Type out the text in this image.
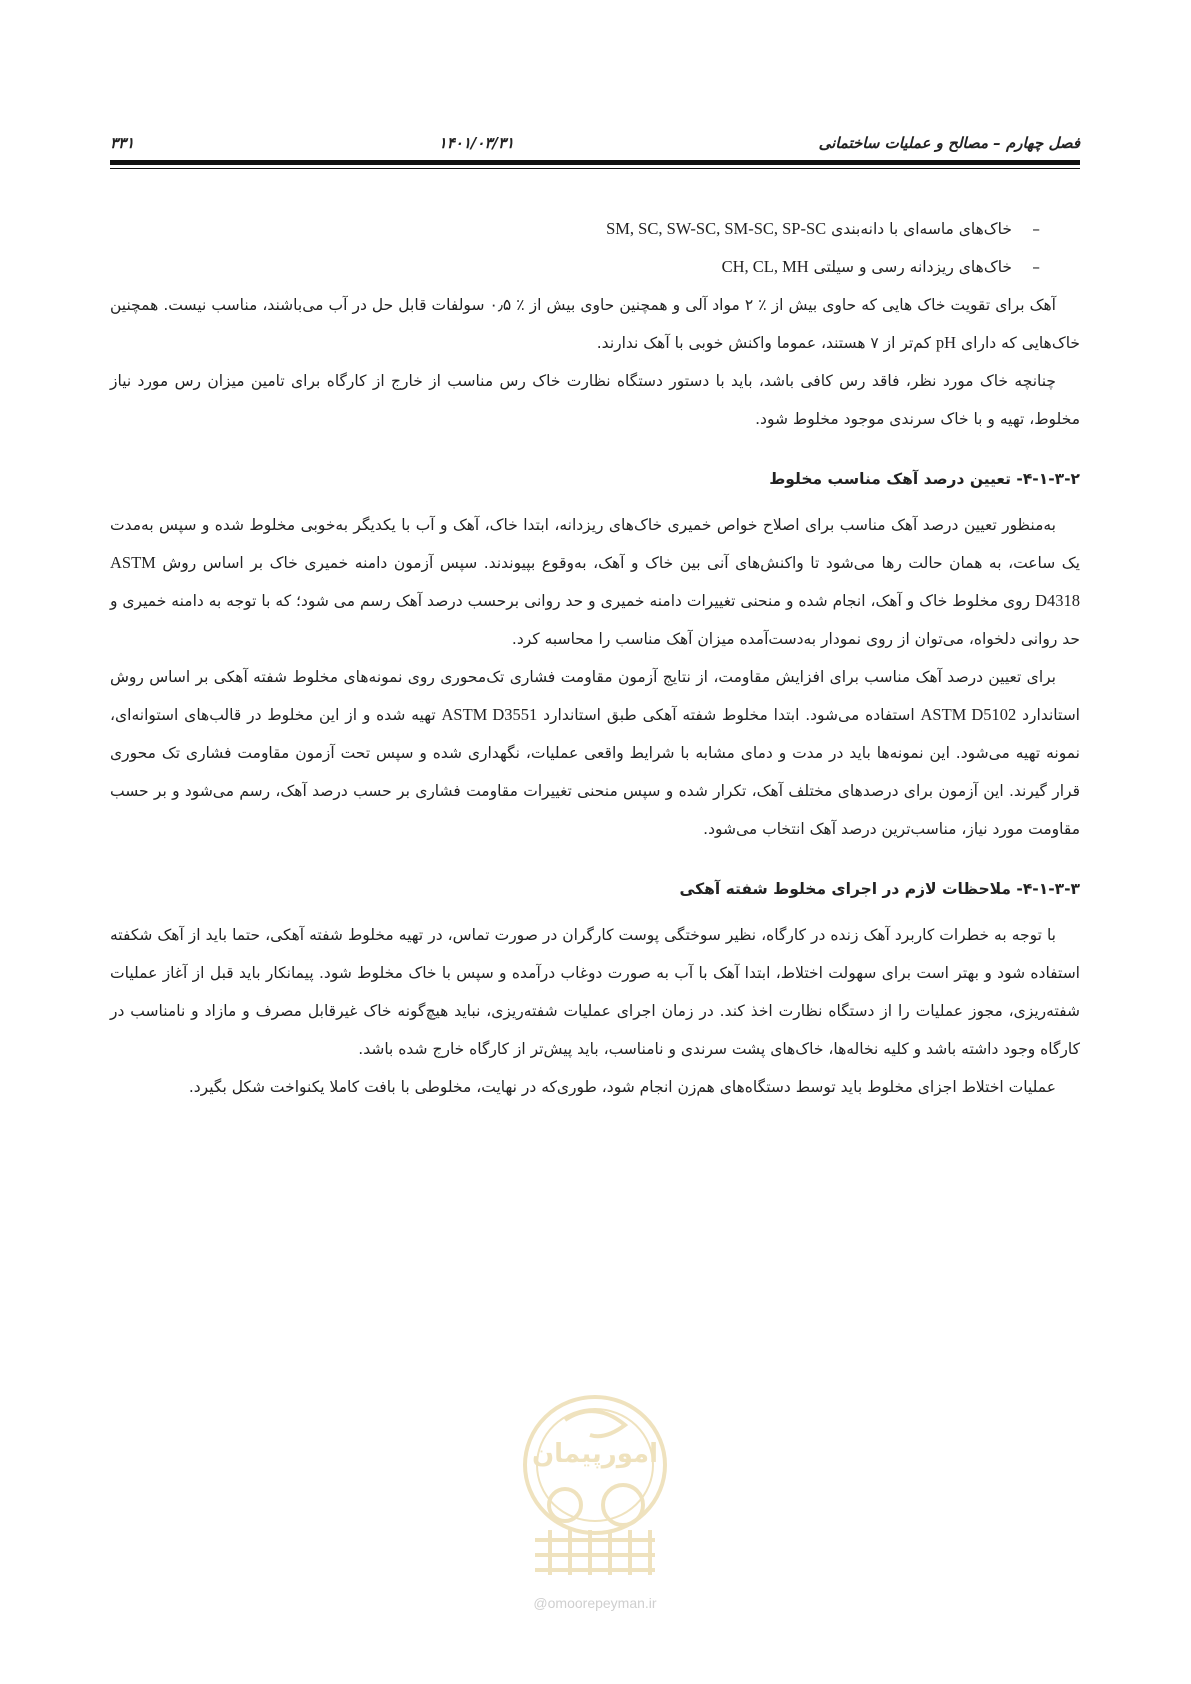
فصل چهارم – مصالح و عملیات ساختمانی
۱۴۰۱/۰۳/۳۱
۳۳۱
–
خاک‌های ماسه‌ای با دانه‌بندی SM, SC, SW-SC, SM-SC, SP-SC
–
خاک‌های ریزدانه رسی و سیلتی CH, CL, MH

آهک برای تقویت خاک هایی که حاوی بیش از ٪ ۲ مواد آلی و همچنین حاوی بیش از ٪ ۰٫۵ سولفات‌ قابل حل در آب می‌باشند، مناسب نیست. همچنین خاک‌هایی که دارای pH کم‌تر از ۷ هستند، عموما واکنش خوبی با آهک ندارند.

چنانچه خاک مورد نظر، فاقد رس کافی باشد، باید با دستور دستگاه نظارت خاک رس مناسب از خارج از کارگاه برای تامین میزان رس مورد نیاز مخلوط، تهیه و با خاک سرندی موجود مخلوط شود.

۴-۱-۳-۲- تعیین درصد آهک مناسب مخلوط

به‌منظور تعیین درصد آهک مناسب برای اصلاح خواص خمیری خاک‌های ریزدانه، ابتدا خاک، آهک و آب با یکدیگر به‌خوبی مخلوط شده و سپس به‌مدت یک ساعت، به همان حالت رها می‌شود تا واکنش‌های آنی بین خاک و آهک، به‌وقوع بپیوندند. سپس آزمون دامنه خمیری خاک بر اساس روش ASTM D4318 روی مخلوط خاک و آهک، انجام شده و منحنی تغییرات دامنه خمیری و حد روانی برحسب درصد آهک رسم می شود؛ که با توجه به دامنه خمیری و حد روانی دلخواه، می‌توان از روی نمودار به‌دست‌آمده میزان آهک مناسب را محاسبه کرد.

برای تعیین درصد آهک مناسب برای افزایش مقاومت، از نتایج آزمون مقاومت فشاری تک‌محوری روی نمونه‌های مخلوط شفته آهکی بر اساس روش استاندارد ASTM D5102 استفاده می‌شود. ابتدا مخلوط شفته آهکی طبق استاندارد ASTM D3551 تهیه شده و از این مخلوط در قالب‌های استوانه‌ای، نمونه تهیه می‌شود. این نمونه‌ها باید در مدت و دمای مشابه با شرایط واقعی عملیات، نگهداری شده و سپس تحت آزمون مقاومت فشاری تک محوری قرار گیرند. این آزمون برای درصدهای مختلف آهک، تکرار شده و سپس منحنی تغییرات مقاومت فشاری بر حسب درصد آهک، رسم می‌شود و بر حسب مقاومت مورد نیاز، مناسب‌ترین درصد آهک انتخاب می‌شود.

۴-۱-۳-۳- ملاحظات لازم در اجرای مخلوط شفته آهکی

با توجه به خطرات کاربرد آهک زنده در کارگاه، نظیر سوختگی پوست کارگران در صورت تماس، در تهیه مخلوط شفته آهکی، حتما باید از آهک شکفته استفاده شود و بهتر است برای سهولت اختلاط، ابتدا آهک با آب به صورت دوغاب درآمده و سپس با خاک مخلوط شود. پیمانکار باید قبل از آغاز عملیات شفته‌ریزی، مجوز عملیات را از دستگاه نظارت اخذ کند. در زمان اجرای عملیات شفته‌ریزی، نباید هیچ‌گونه خاک غیرقابل مصرف و مازاد و نامناسب در کارگاه وجود داشته باشد و کلیه نخاله‌ها، خاک‌های پشت سرندی و نامناسب، باید پیش‌تر از کارگاه خارج شده باشد.

عملیات اختلاط اجزای مخلوط باید توسط دستگاه‌های هم‌زن انجام شود، طوری‌که در نهایت، مخلوطی با بافت کاملا یکنواخت شکل بگیرد.

امورپیمان
@omoorepeyman.ir
